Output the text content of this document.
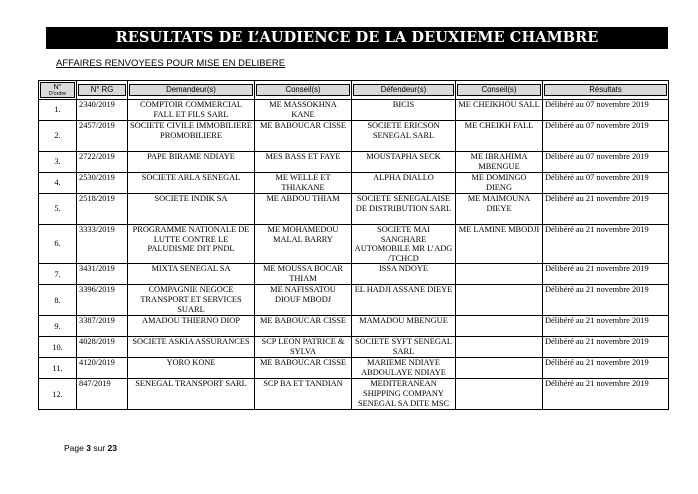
RESULTATS DE L’AUDIENCE DE LA DEUXIEME CHAMBRE
AFFAIRES RENVOYEES POUR MISE EN DELIBERE
N°
D'ordre	N° RG	Demandeur(s)	Conseil(s)	Défendeur(s)	Conseil(s)	Résultats

1.	2340/2019	COMPTOIR COMMERCIAL FALL ET FILS SARL	ME MASSOKHNA KANE	BICIS	ME CHEIKHOU SALL	Délibéré au 07 novembre 2019
2.	2457/2019	SOCIETE CIVILE IMMOBILIERE PROMOBILIERE	ME BABOUCAR CISSE	SOCIETE ERICSON SENEGAL SARL	ME CHEIKH FALL	Délibéré au 07 novembre 2019
3.	2722/2019	PAPE BIRAME NDIAYE	MES BASS ET FAYE	MOUSTAPHA SECK	ME IBRAHIMA MBENGUE	Délibéré au 07 novembre 2019
4.	2530/2019	SOCIETE ARLA SENEGAL	ME WELLE ET THIAKANE	ALPHA DIALLO	ME DOMINGO DIENG	Délibéré au 07 novembre 2019
5.	2518/2019	SOCIETE INDIK SA	ME ABDOU THIAM	SOCIETE SENEGALAISE DE DISTRIBUTION SARL	ME MAIMOUNA DIEYE	Délibéré au 21 novembre 2019
6.	3333/2019	PROGRAMME NATIONALE DE LUTTE CONTRE LE PALUDISME DIT PNDL	ME MOHAMEDOU MALAL BARRY	SOCIETE MAI SANGHARE AUTOMOBILE MR L’ADG /TCHCD	ME LAMINE MBODJI	Délibéré au 21 novembre 2019
7.	3431/2019	MIXTA SENEGAL SA	ME MOUSSA BOCAR THIAM	ISSA NDOYE		Délibéré au 21 novembre 2019
8.	3396/2019	COMPAGNIE NEGOCE TRANSPORT ET SERVICES SUARL	ME NAFISSATOU DIOUF MBODJ	EL HADJI ASSANE DIEYE		Délibéré au 21 novembre 2019
9.	3387/2019	AMADOU THIERNO DIOP	ME BABOUCAR CISSE	MAMADOU MBENGUE		Délibéré au 21 novembre 2019
10.	4028/2019	SOCIETE ASKIA ASSURANCES	SCP LEON PATRICE & SYLVA	SOCIETE SYFT SENEGAL SARL		Délibéré au 21 novembre 2019
11.	4120/2019	YORO KONE	ME BABOUCAR CISSE	MARIEME NDIAYE ABDOULAYE NDIAYE		Délibéré au 21 novembre 2019
12.	847/2019	SENEGAL TRANSPORT SARL	SCP BA ET TANDIAN	MEDITERANEAN SHIPPING COMPANY SENEGAL SA DITE MSC		Délibéré au 21 novembre 2019
Page 3 sur 23
